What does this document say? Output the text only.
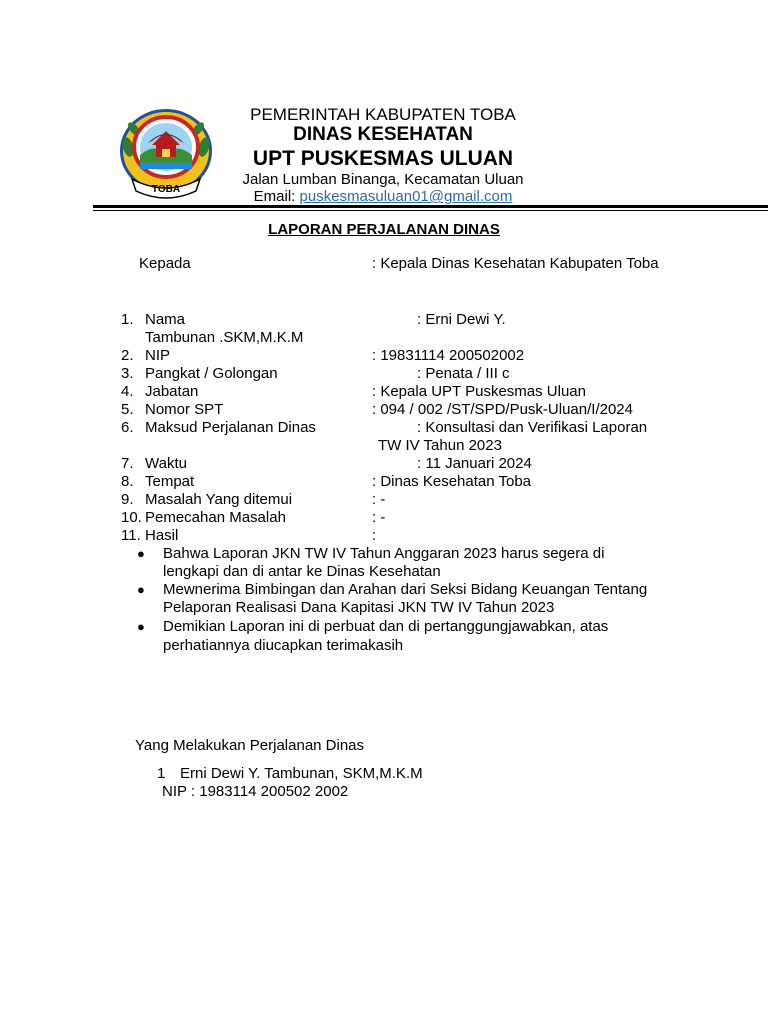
TOBA
PEMERINTAH KABUPATEN TOBA
DINAS KESEHATAN
UPT PUSKESMAS ULUAN
Jalan Lumban Binanga, Kecamatan Uluan
Email: puskesmasuluan01@gmail.com
LAPORAN PERJALANAN DINAS
Kepada	: Kepala Dinas Kesehatan Kabupaten Toba
1. Nama	: Erni Dewi Y.
Tambunan .SKM,M.K.M
2. NIP	: 19831114 200502002
3. Pangkat / Golongan	: Penata / III c
4. Jabatan	: Kepala UPT Puskesmas Uluan
5. Nomor SPT	: 094 / 002 /ST/SPD/Pusk-Uluan/I/2024
6. Maksud Perjalanan Dinas	: Konsultasi dan Verifikasi Laporan
TW IV Tahun 2023
7. Waktu	: 11 Januari 2024
8. Tempat	: Dinas Kesehatan Toba
9. Masalah Yang ditemui	: -
10. Pemecahan Masalah	: -
11. Hasil	:
● Bahwa Laporan JKN TW IV Tahun Anggaran 2023 harus segera di
lengkapi dan di antar ke Dinas Kesehatan
● Mewnerima Bimbingan dan Arahan dari Seksi Bidang Keuangan Tentang
Pelaporan Realisasi Dana Kapitasi JKN TW IV Tahun 2023
● Demikian Laporan ini di perbuat dan di pertanggungjawabkan, atas
perhatiannya diucapkan terimakasih
Yang Melakukan Perjalanan Dinas
1 Erni Dewi Y. Tambunan, SKM,M.K.M
NIP : 1983114 200502 2002
